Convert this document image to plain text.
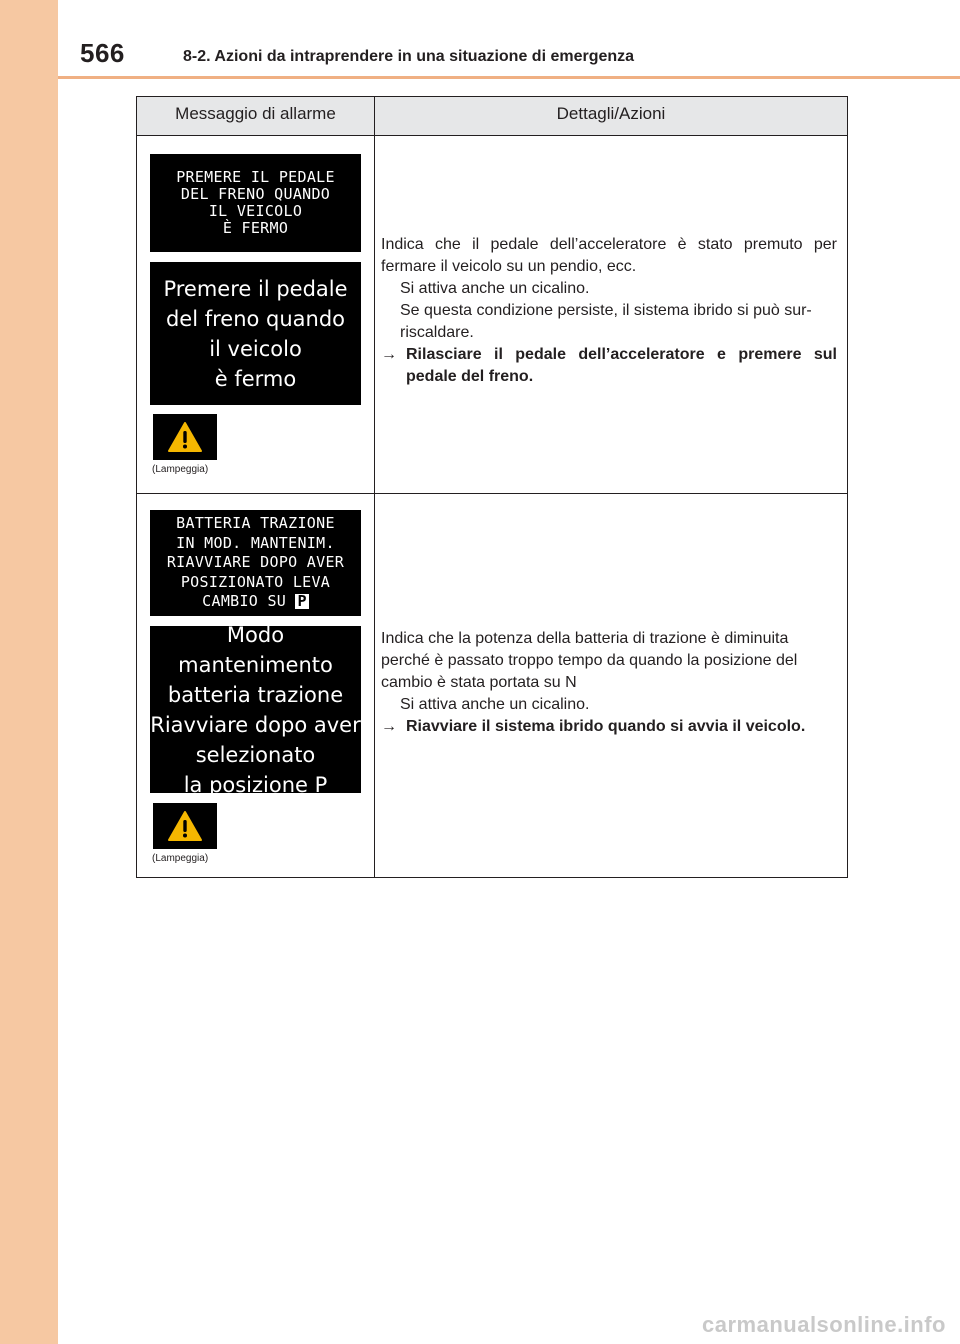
566	8-2. Azioni da intraprendere in una situazione di emergenza
Messaggio di allarme	Dettagli/Azioni
PREMERE IL PEDALE
DEL FRENO QUANDO
IL VEICOLO
È FERMO
Premere il pedale
del freno quando
il veicolo
è fermo
(Lampeggia)

Indica che il pedale dell’acceleratore è stato premuto per fermare il veicolo su un pendio, ecc.

Si attiva anche un cicalino.

Se questa condizione persiste, il sistema ibrido si può sur-riscaldare.

→ Rilasciare il pedale dell’acceleratore e premere sul pedale del freno.

BATTERIA TRAZIONE
IN MOD. MANTENIM.
RIAVVIARE DOPO AVER
POSIZIONATO LEVA
CAMBIO SU P
Modo mantenimento
batteria trazione
Riavviare dopo aver
selezionato
la posizione P
(Lampeggia)

Indica che la potenza della batteria di trazione è diminuita perché è passato troppo tempo da quando la posizione del cambio è stata portata su N

Si attiva anche un cicalino.

→ Riavviare il sistema ibrido quando si avvia il veicolo.

carmanualsonline.info
